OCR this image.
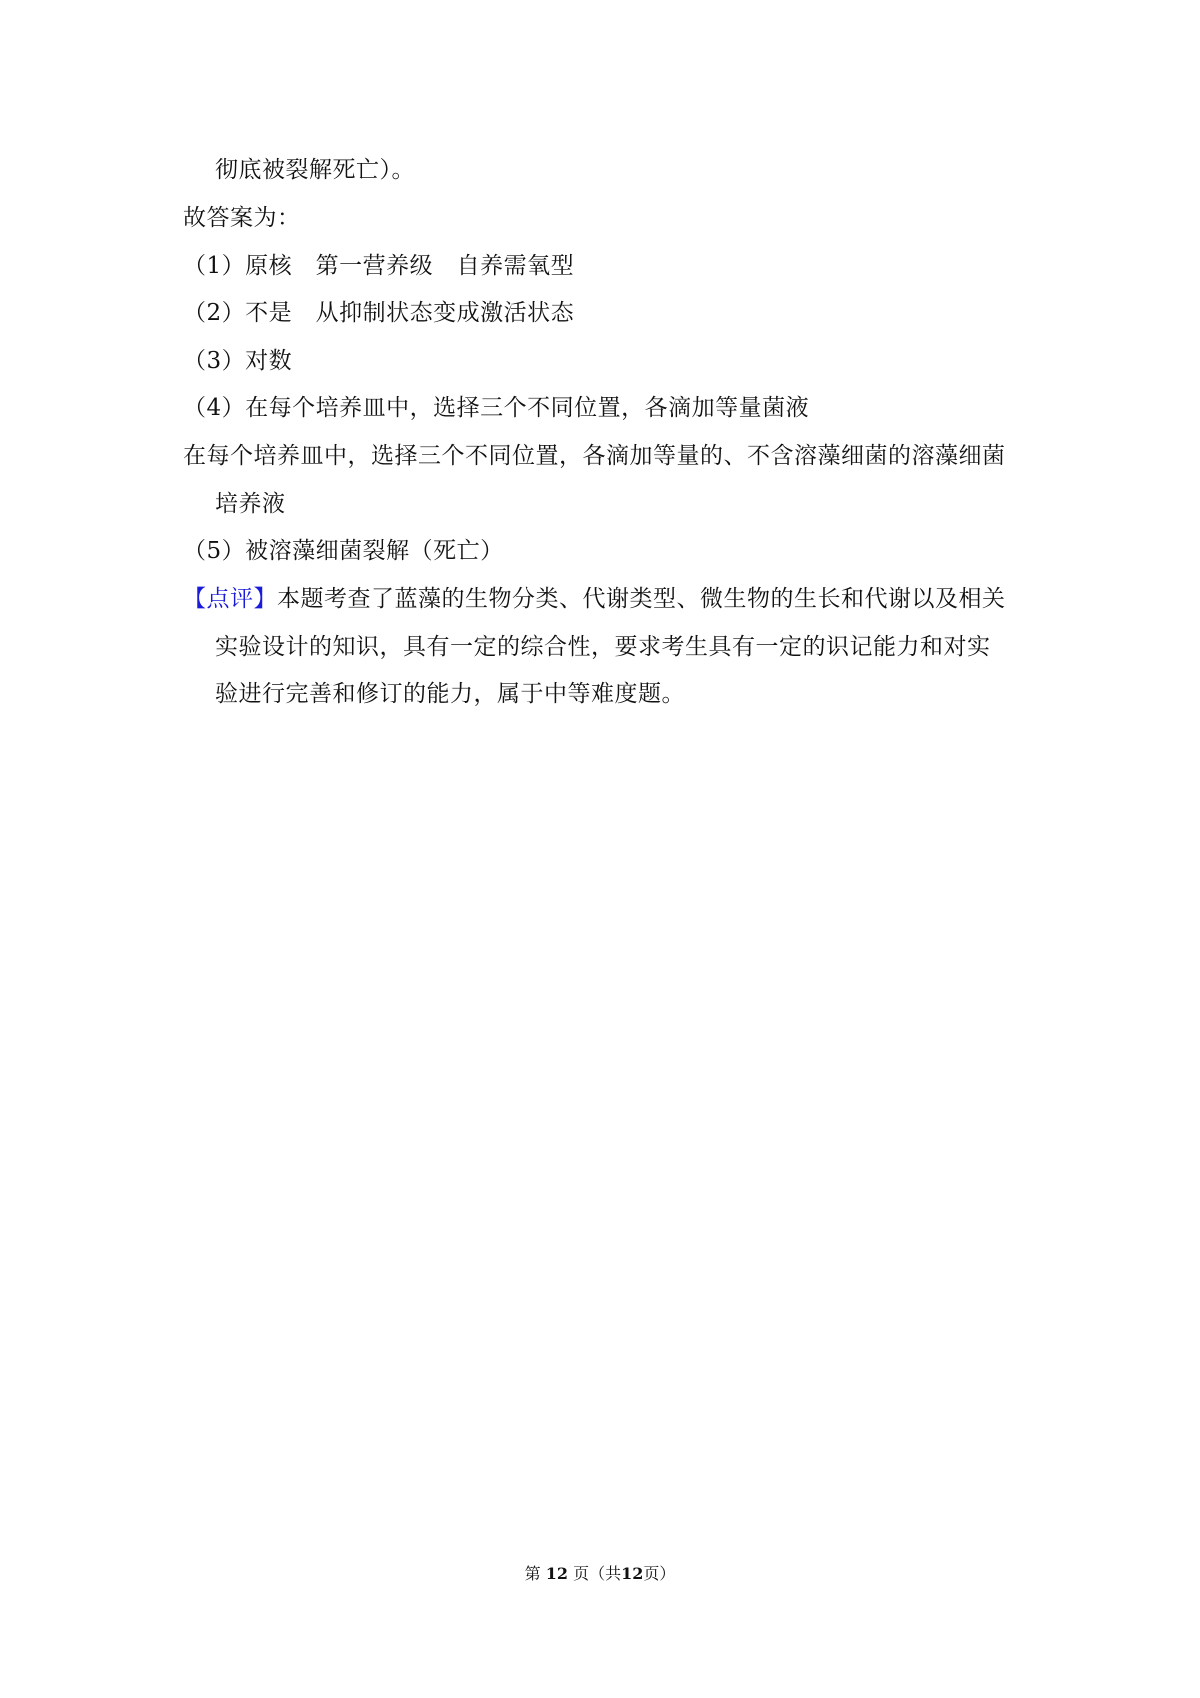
彻底被裂解死亡）。
故答案为：
（1）原核　第一营养级　自养需氧型
（2）不是　从抑制状态变成激活状态
（3）对数
（4）在每个培养皿中，选择三个不同位置，各滴加等量菌液
在每个培养皿中，选择三个不同位置，各滴加等量的、不含溶藻细菌的溶藻细菌
培养液
（5）被溶藻细菌裂解（死亡）
【点评】本题考查了蓝藻的生物分类、代谢类型、微生物的生长和代谢以及相关
实验设计的知识，具有一定的综合性，要求考生具有一定的识记能力和对实
验进行完善和修订的能力，属于中等难度题。
第 12 页（共12页）
